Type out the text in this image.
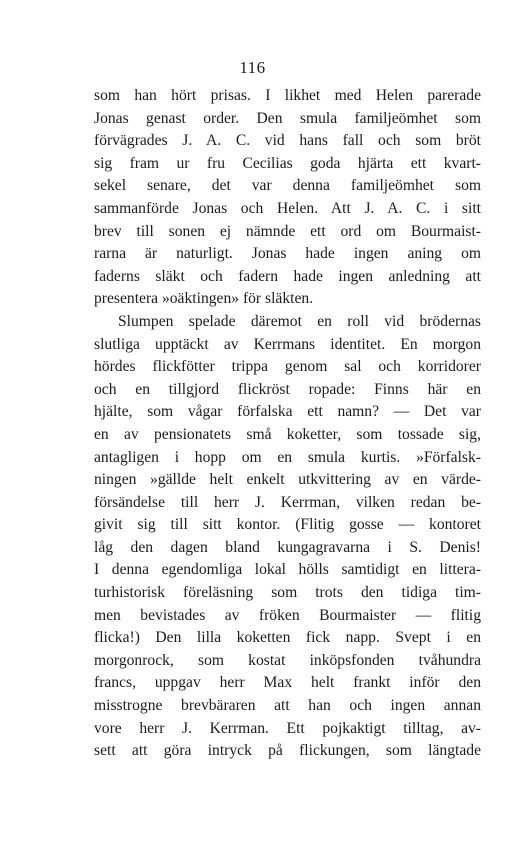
116
som han hört prisas. I likhet med Helen parerade
Jonas genast order. Den smula familjeömhet som
förvägrades J. A. C. vid hans fall och som bröt
sig fram ur fru Cecilias goda hjärta ett kvart-
sekel senare, det var denna familjeömhet som
sammanförde Jonas och Helen. Att J. A. C. i sitt
brev till sonen ej nämnde ett ord om Bourmaist-
rarna är naturligt. Jonas hade ingen aning om
faderns släkt och fadern hade ingen anledning att
presentera »oäktingen» för släkten.
Slumpen spelade däremot en roll vid brödernas
slutliga upptäckt av Kerrmans identitet. En morgon
hördes flickfötter trippa genom sal och korridorer
och en tillgjord flickröst ropade: Finns här en
hjälte, som vågar förfalska ett namn? — Det var
en av pensionatets små koketter, som tossade sig,
antagligen i hopp om en smula kurtis. »Förfalsk-
ningen »gällde helt enkelt utkvittering av en värde-
försändelse till herr J. Kerrman, vilken redan be-
givit sig till sitt kontor. (Flitig gosse — kontoret
låg den dagen bland kungagravarna i S. Denis!
I denna egendomliga lokal hölls samtidigt en littera-
turhistorisk föreläsning som trots den tidiga tim-
men bevistades av fröken Bourmaister — flitig
flicka!) Den lilla koketten fick napp. Svept i en
morgonrock, som kostat inköpsfonden tvåhundra
francs, uppgav herr Max helt frankt inför den
misstrogne brevbäraren att han och ingen annan
vore herr J. Kerrman. Ett pojkaktigt tilltag, av-
sett att göra intryck på flickungen, som längtade
